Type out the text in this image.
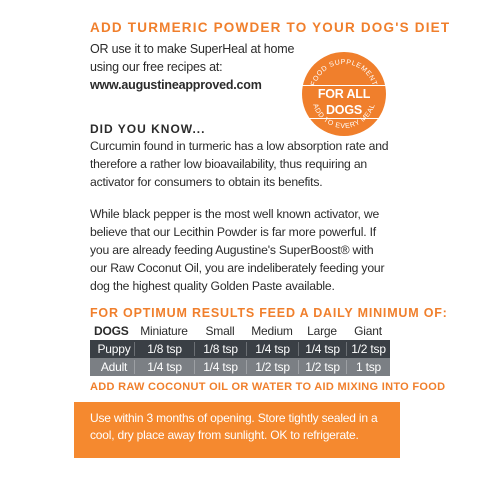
ADD TURMERIC POWDER TO YOUR DOG'S DIET
OR use it to make SuperHeal at home
using our free recipes at:
www.augustineapproved.com	FOOD SUPPLEMENT
ADD TO EVERY MEAL
FOR ALL DOGS
DID YOU KNOW...
Curcumin found in turmeric has a low absorption rate and therefore a rather low bioavailability, thus requiring an activator for consumers to obtain its benefits.
While black pepper is the most well known activator, we believe that our Lecithin Powder is far more powerful. If you are already feeding Augustine's SuperBoost® with our Raw Coconut Oil, you are indeliberately feeding your dog the highest quality Golden Paste available.
FOR OPTIMUM RESULTS FEED A DAILY MINIMUM OF:
DOGS Miniature	Small	Medium	Large	Giant
Puppy	1/8 tsp	1/8 tsp	1/4 tsp	1/4 tsp 1/2 tsp
Adult	1/4 tsp	1/4 tsp	1/2 tsp	1/2 tsp	1 tsp
ADD RAW COCONUT OIL OR WATER TO AID MIXING INTO FOOD
Use within 3 months of opening. Store tightly sealed in a cool, dry place away from sunlight. OK to refrigerate.
